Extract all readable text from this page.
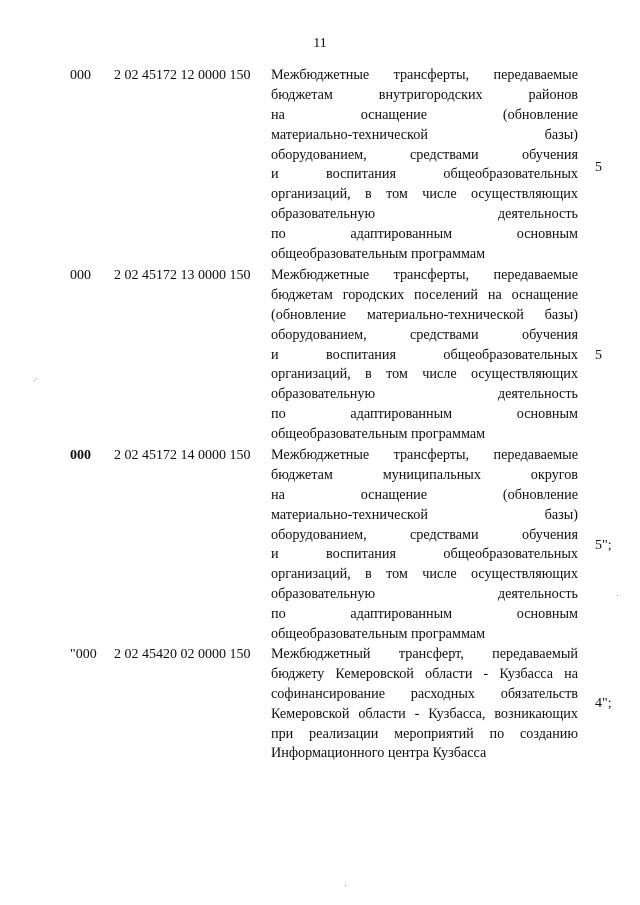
11
000 2 02 45172 12 0000 150 Межбюджетные трансферты, передаваемые
бюджетам внутригородских районов
на оснащение (обновление
материально-технической базы)
оборудованием, средствами обучения
и воспитания общеобразовательных
организаций, в том числе осуществляющих
образовательную деятельность
по адаптированным основным
общеобразовательным программам
5
000 2 02 45172 13 0000 150 Межбюджетные трансферты, передаваемые
бюджетам городских поселений на оснащение
(обновление материально-технической базы)
оборудованием, средствами обучения
и воспитания общеобразовательных
организаций, в том числе осуществляющих
образовательную деятельность
по адаптированным основным
общеобразовательным программам
5
000 2 02 45172 14 0000 150 Межбюджетные трансферты, передаваемые
бюджетам муниципальных округов
на оснащение (обновление
материально-технической базы)
оборудованием, средствами обучения
и воспитания общеобразовательных
организаций, в том числе осуществляющих
образовательную деятельность
по адаптированным основным
общеобразовательным программам
5";
"000 2 02 45420 02 0000 150 Межбюджетный трансферт, передаваемый
бюджету Кемеровской области - Кузбасса на
софинансирование расходных обязательств
Кемеровской области - Кузбасса, возникающих
при реализации мероприятий по созданию
Информационного центра Кузбасса
4";
